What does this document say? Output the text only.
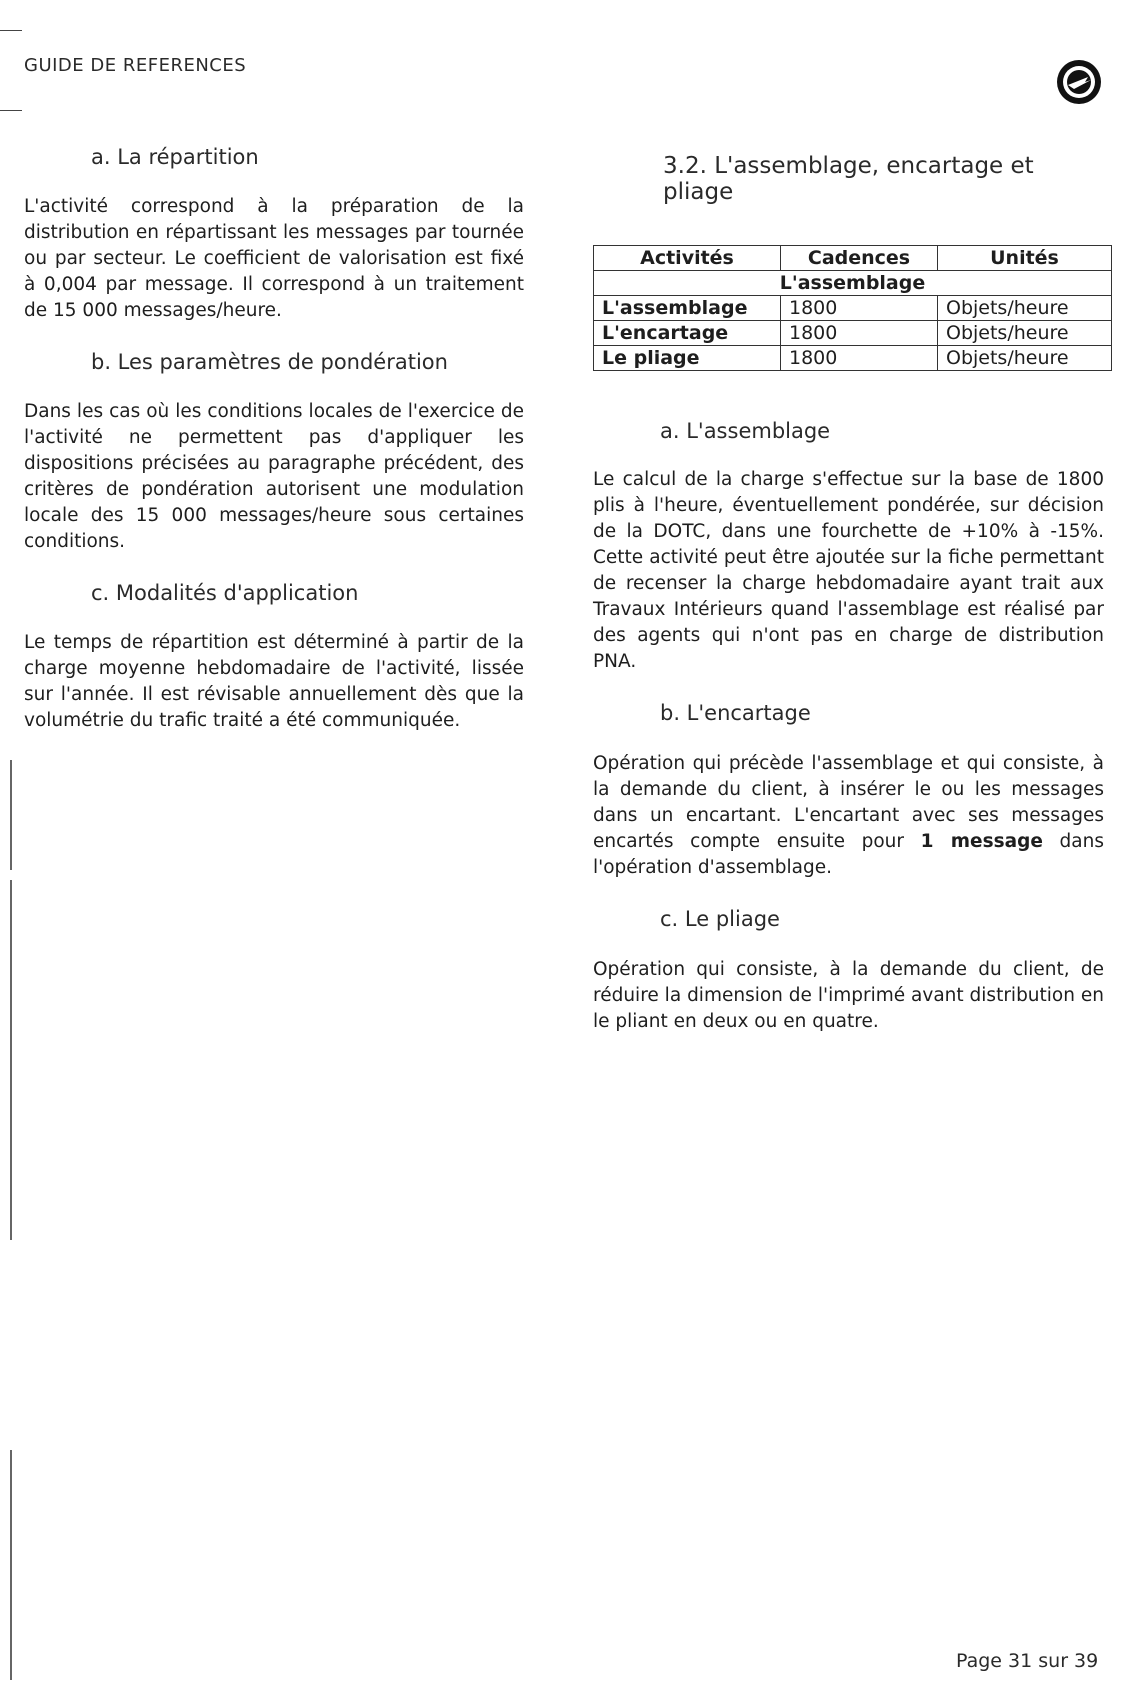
GUIDE DE REFERENCES
a. La répartition

L'activité correspond à la préparation de la distribution en répartissant les messages par tournée ou par secteur. Le coefficient de valorisation est fixé à 0,004 par message. Il correspond à un traitement de 15 000 messages/heure.

b. Les paramètres de pondération

Dans les cas où les conditions locales de l'exercice de l'activité ne permettent pas d'appliquer les dispositions précisées au paragraphe précédent, des critères de pondération autorisent une modulation locale des 15 000 messages/heure sous certaines conditions.

c. Modalités d'application

Le temps de répartition est déterminé à partir de la charge moyenne hebdomadaire de l'activité, lissée sur l'année. Il est révisable annuellement dès que la volumétrie du trafic traité a été communiquée.

3.2. L'assemblage, encartage et pliage
Activités	Cadences	Unités
L'assemblage		
L'assemblage	1800	Objets/heure
L'encartage	1800	Objets/heure
Le pliage	1800	Objets/heure
a. L'assemblage

Le calcul de la charge s'effectue sur la base de 1800 plis à l'heure, éventuellement pondérée, sur décision de la DOTC, dans une fourchette de +10% à -15%. Cette activité peut être ajoutée sur la fiche permettant de recenser la charge hebdomadaire ayant trait aux Travaux Intérieurs quand l'assemblage est réalisé par des agents qui n'ont pas en charge de distribution PNA.

b. L'encartage

Opération qui précède l'assemblage et qui consiste, à la demande du client, à insérer le ou les messages dans un encartant. L'encartant avec ses messages encartés compte ensuite pour 1 message dans l'opération d'assemblage.

c. Le pliage

Opération qui consiste, à la demande du client, de réduire la dimension de l'imprimé avant distribution en le pliant en deux ou en quatre.

Page 31 sur 39
